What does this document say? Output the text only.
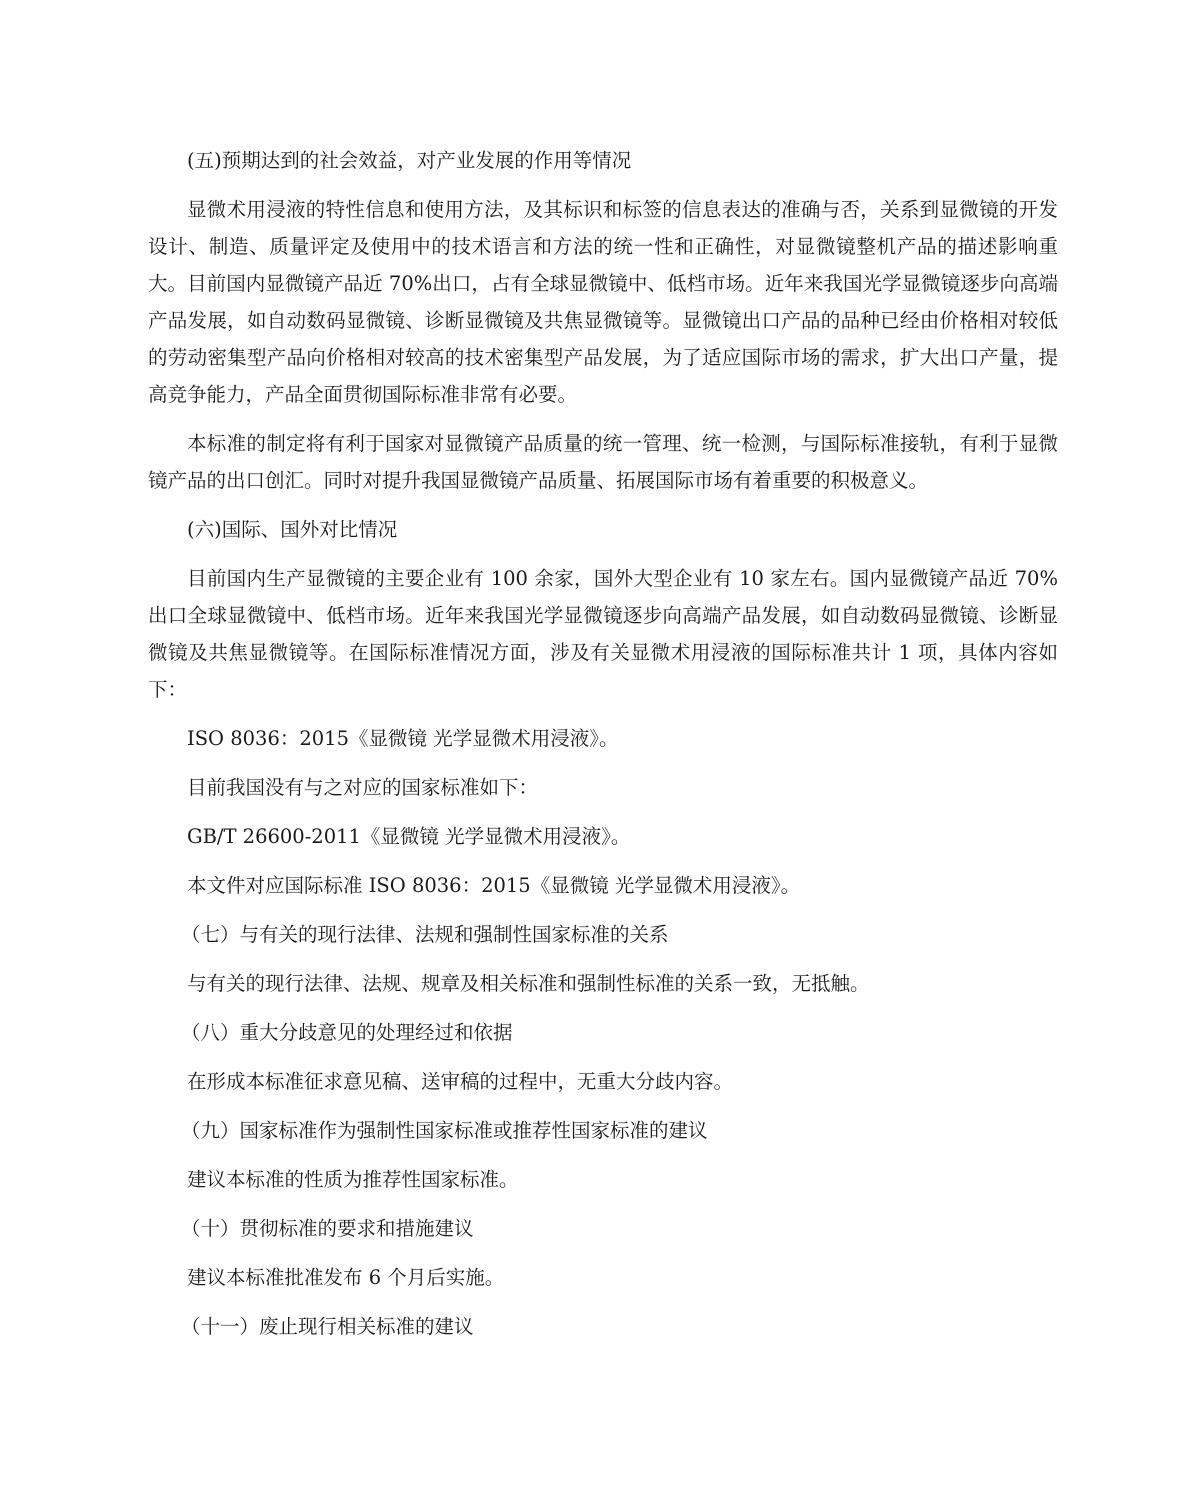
(五)预期达到的社会效益，对产业发展的作用等情况
显微术用浸液的特性信息和使用方法，及其标识和标签的信息表达的准确与否，关系到显微镜的开发设计、制造、质量评定及使用中的技术语言和方法的统一性和正确性，对显微镜整机产品的描述影响重大。目前国内显微镜产品近 70%出口，占有全球显微镜中、低档市场。近年来我国光学显微镜逐步向高端产品发展，如自动数码显微镜、诊断显微镜及共焦显微镜等。显微镜出口产品的品种已经由价格相对较低的劳动密集型产品向价格相对较高的技术密集型产品发展，为了适应国际市场的需求，扩大出口产量，提高竞争能力，产品全面贯彻国际标准非常有必要。
本标准的制定将有利于国家对显微镜产品质量的统一管理、统一检测，与国际标准接轨，有利于显微镜产品的出口创汇。同时对提升我国显微镜产品质量、拓展国际市场有着重要的积极意义。
(六)国际、国外对比情况
目前国内生产显微镜的主要企业有 100 余家，国外大型企业有 10 家左右。国内显微镜产品近 70%出口全球显微镜中、低档市场。近年来我国光学显微镜逐步向高端产品发展，如自动数码显微镜、诊断显微镜及共焦显微镜等。在国际标准情况方面，涉及有关显微术用浸液的国际标准共计 1 项，具体内容如下：
ISO 8036：2015《显微镜 光学显微术用浸液》。
目前我国没有与之对应的国家标准如下：
GB/T 26600-2011《显微镜 光学显微术用浸液》。
本文件对应国际标准 ISO 8036：2015《显微镜 光学显微术用浸液》。
（七）与有关的现行法律、法规和强制性国家标准的关系
与有关的现行法律、法规、规章及相关标准和强制性标准的关系一致，无抵触。
（八）重大分歧意见的处理经过和依据
在形成本标准征求意见稿、送审稿的过程中，无重大分歧内容。
（九）国家标准作为强制性国家标准或推荐性国家标准的建议
建议本标准的性质为推荐性国家标准。
（十）贯彻标准的要求和措施建议
建议本标准批准发布 6 个月后实施。
（十一）废止现行相关标准的建议
